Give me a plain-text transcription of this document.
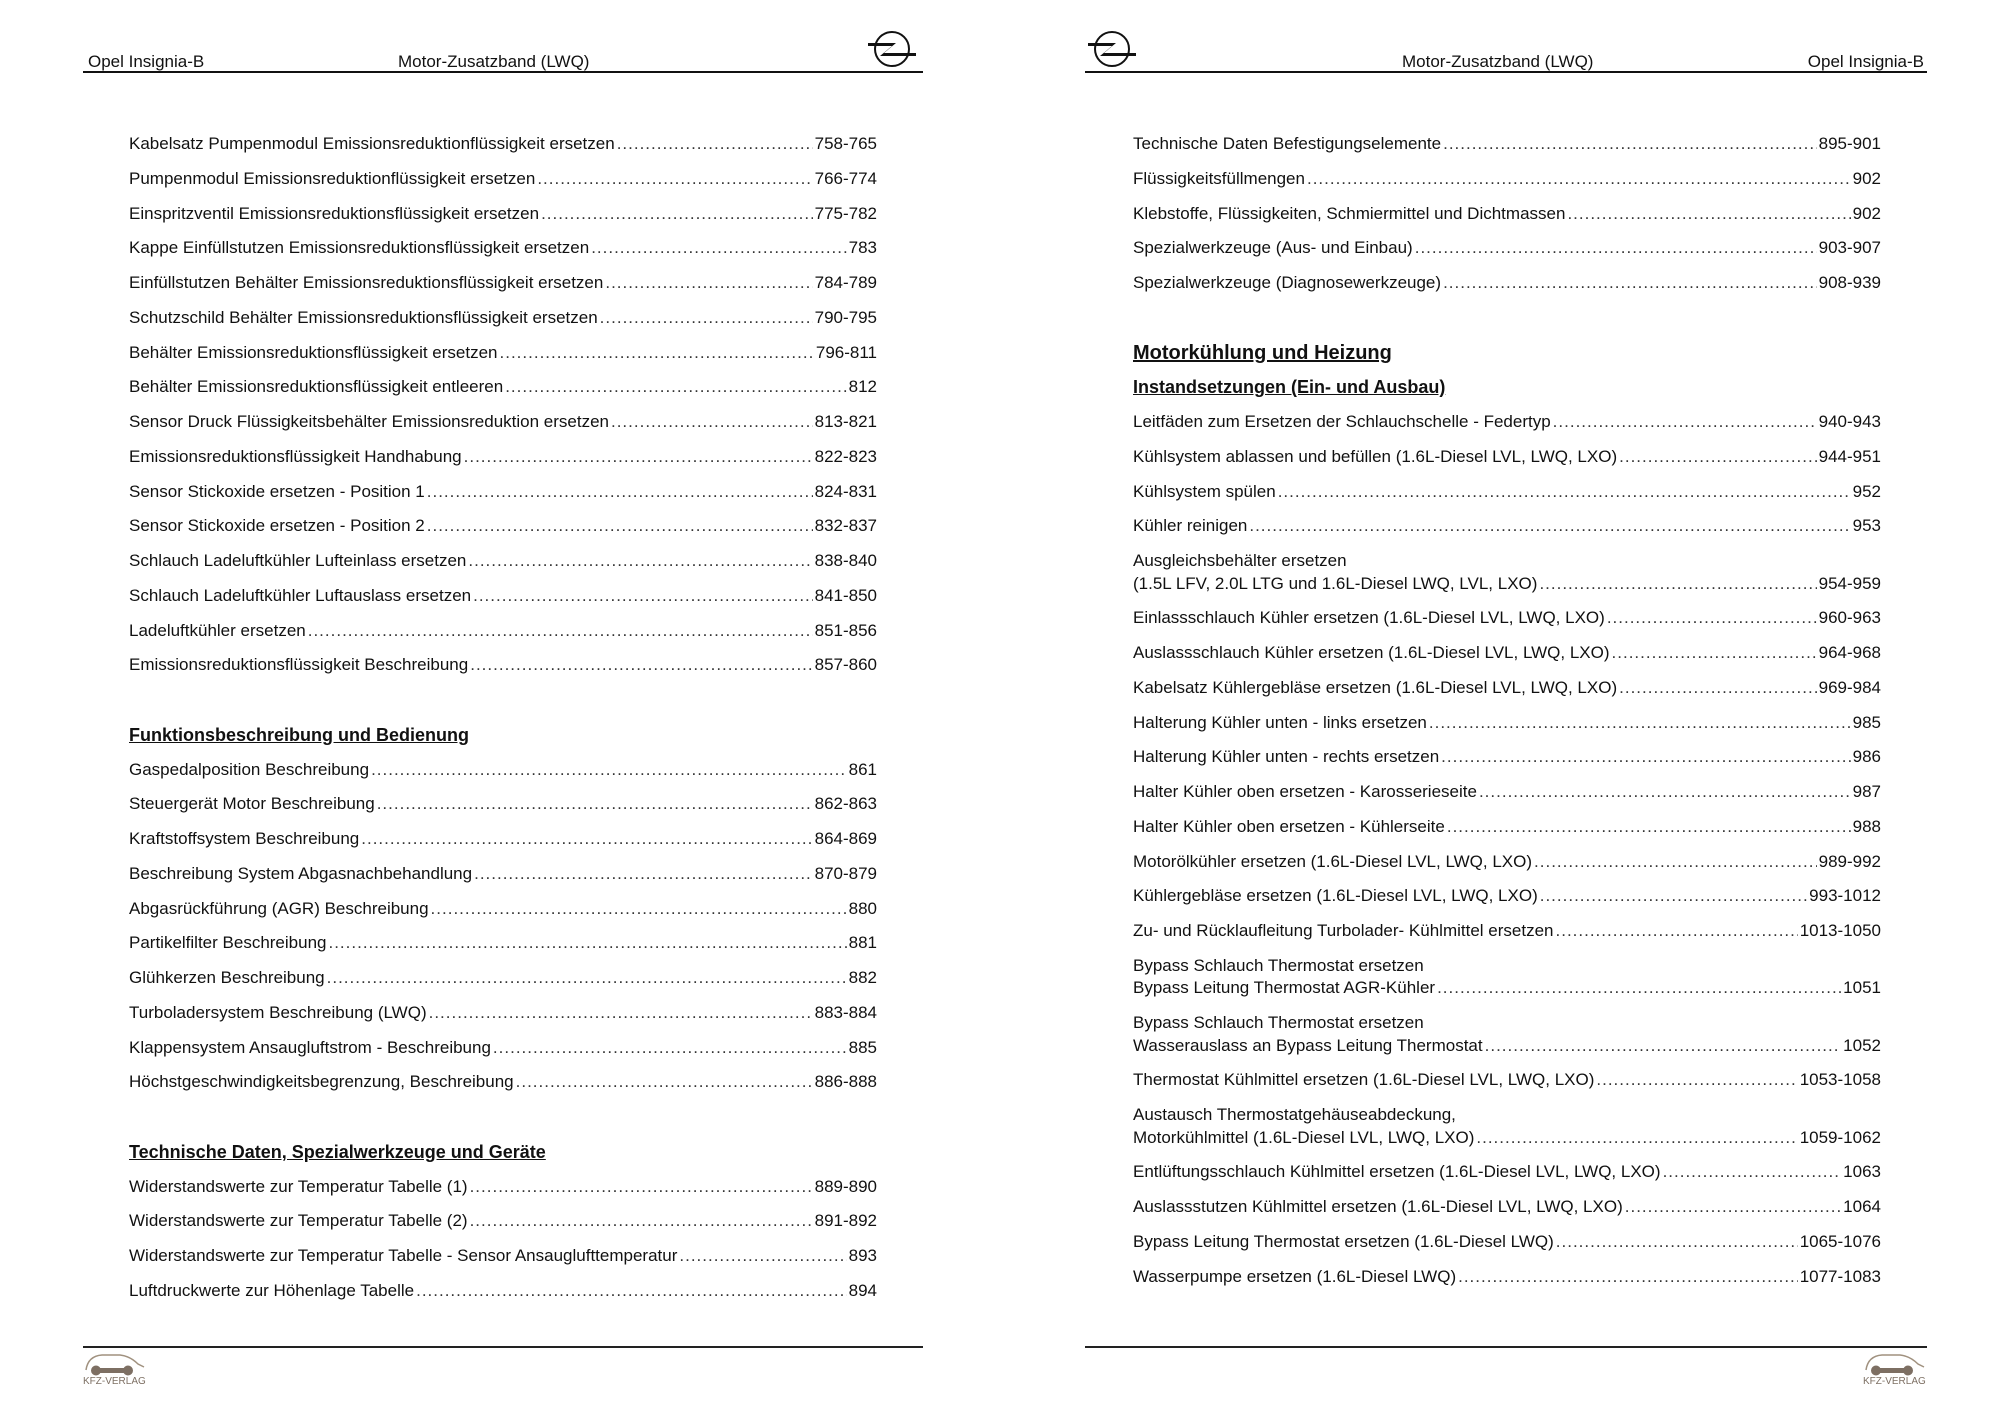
Opel Insignia-B	Motor-Zusatzband (LWQ)
Kabelsatz Pumpenmodul Emissionsreduktionflüssigkeit ersetzen .....	758-765
Pumpenmodul Emissionsreduktionflüssigkeit ersetzen .....	766-774
Einspritzventil Emissionsreduktionsflüssigkeit ersetzen .....	775-782
Kappe Einfüllstutzen Emissionsreduktionsflüssigkeit ersetzen .....	783
Einfüllstutzen Behälter Emissionsreduktionsflüssigkeit ersetzen .....	784-789
Schutzschild Behälter Emissionsreduktionsflüssigkeit ersetzen .....	790-795
Behälter Emissionsreduktionsflüssigkeit ersetzen .....	796-811
Behälter Emissionsreduktionsflüssigkeit entleeren .....	812
Sensor Druck Flüssigkeitsbehälter Emissionsreduktion ersetzen .....	813-821
Emissionsreduktionsflüssigkeit Handhabung .....	822-823
Sensor Stickoxide ersetzen - Position 1 .....	824-831
Sensor Stickoxide ersetzen - Position 2 .....	832-837
Schlauch Ladeluftkühler Lufteinlass ersetzen .....	838-840
Schlauch Ladeluftkühler Luftauslass ersetzen .....	841-850
Ladeluftkühler ersetzen .....	851-856
Emissionsreduktionsflüssigkeit Beschreibung .....	857-860
Funktionsbeschreibung und Bedienung
Gaspedalposition Beschreibung .....	861
Steuergerät Motor Beschreibung .....	862-863
Kraftstoffsystem Beschreibung .....	864-869
Beschreibung System Abgasnachbehandlung .....	870-879
Abgasrückführung (AGR) Beschreibung .....	880
Partikelfilter Beschreibung .....	881
Glühkerzen Beschreibung .....	882
Turboladersystem Beschreibung (LWQ) .....	883-884
Klappensystem Ansaugluftstrom - Beschreibung .....	885
Höchstgeschwindigkeitsbegrenzung, Beschreibung .....	886-888
Technische Daten, Spezialwerkzeuge und Geräte
Widerstandswerte zur Temperatur Tabelle (1) .....	889-890
Widerstandswerte zur Temperatur Tabelle (2) .....	891-892
Widerstandswerte zur Temperatur Tabelle - Sensor Ansauglufttemperatur .....	893
Luftdruckwerte zur Höhenlage Tabelle .....	894
KFZ-VERLAG
Motor-Zusatzband (LWQ)	Opel Insignia-B
Technische Daten Befestigungselemente .....	895-901
Flüssigkeitsfüllmengen .....	902
Klebstoffe, Flüssigkeiten, Schmiermittel und Dichtmassen .....	902
Spezialwerkzeuge (Aus- und Einbau) .....	903-907
Spezialwerkzeuge (Diagnosewerkzeuge) .....	908-939
Motorkühlung und Heizung
Instandsetzungen (Ein- und Ausbau)
Leitfäden zum Ersetzen der Schlauchschelle - Federtyp .....	940-943
Kühlsystem ablassen und befüllen (1.6L-Diesel LVL, LWQ, LXO) .....	944-951
Kühlsystem spülen .....	952
Kühler reinigen .....	953
Ausgleichsbehälter ersetzen
(1.5L LFV, 2.0L LTG und 1.6L-Diesel LWQ, LVL, LXO) .....	954-959
Einlassschlauch Kühler ersetzen (1.6L-Diesel LVL, LWQ, LXO) .....	960-963
Auslassschlauch Kühler ersetzen (1.6L-Diesel LVL, LWQ, LXO) .....	964-968
Kabelsatz Kühlergebläse ersetzen (1.6L-Diesel LVL, LWQ, LXO) .....	969-984
Halterung Kühler unten - links ersetzen .....	985
Halterung Kühler unten - rechts ersetzen .....	986
Halter Kühler oben ersetzen - Karosserieseite .....	987
Halter Kühler oben ersetzen - Kühlerseite .....	988
Motorölkühler ersetzen (1.6L-Diesel LVL, LWQ, LXO) .....	989-992
Kühlergebläse ersetzen (1.6L-Diesel LVL, LWQ, LXO) .....	993-1012
Zu- und Rücklaufleitung Turbolader- Kühlmittel ersetzen .....	1013-1050
Bypass Schlauch Thermostat ersetzen
Bypass Leitung Thermostat AGR-Kühler .....	1051
Bypass Schlauch Thermostat ersetzen
Wasserauslass an Bypass Leitung Thermostat .....	1052
Thermostat Kühlmittel ersetzen (1.6L-Diesel LVL, LWQ, LXO) .....	1053-1058
Austausch Thermostatgehäuseabdeckung,
Motorkühlmittel (1.6L-Diesel LVL, LWQ, LXO) .....	1059-1062
Entlüftungsschlauch Kühlmittel ersetzen (1.6L-Diesel LVL, LWQ, LXO) .....	1063
Auslassstutzen Kühlmittel ersetzen (1.6L-Diesel LVL, LWQ, LXO) .....	1064
Bypass Leitung Thermostat ersetzen (1.6L-Diesel LWQ) .....	1065-1076
Wasserpumpe ersetzen (1.6L-Diesel LWQ) .....	1077-1083
KFZ-VERLAG
